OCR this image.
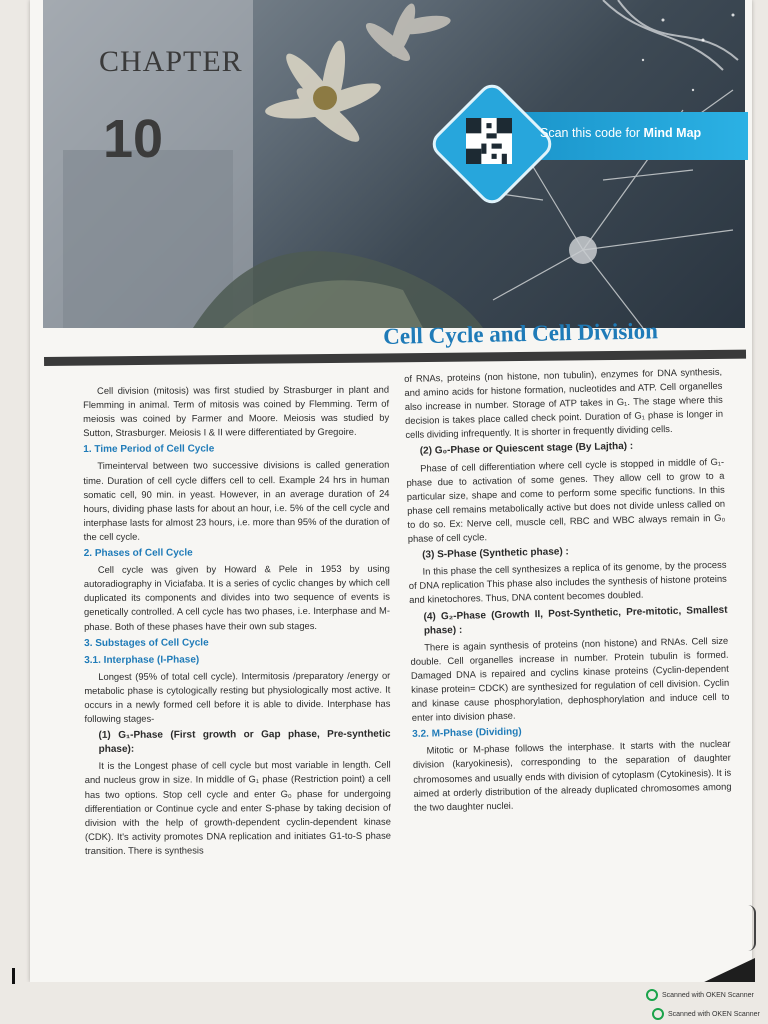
CHAPTER
10	Scan this code for Mind Map
Cell Cycle and Cell Division

Cell division (mitosis) was first studied by Strasburger in plant and Flemming in animal. Term of mitosis was coined by Flemming. Term of meiosis was coined by Farmer and Moore. Meiosis was studied by Sutton, Strasburger. Meiosis I & II were differentiated by Gregoire.

1. Time Period of Cell Cycle

Timeinterval between two successive divisions is called generation time. Duration of cell cycle differs cell to cell. Example 24 hrs in human somatic cell, 90 min. in yeast. However, in an average duration of 24 hours, dividing phase lasts for about an hour, i.e. 5% of the cell cycle and interphase lasts for almost 23 hours, i.e. more than 95% of the duration of the cell cycle.

2. Phases of Cell Cycle

Cell cycle was given by Howard & Pele in 1953 by using autoradiography in Viciafaba. It is a series of cyclic changes by which cell duplicated its components and divides into two sequence of events is genetically controlled. A cell cycle has two phases, i.e. Interphase and M-phase. Both of these phases have their own sub stages.

3. Substages of Cell Cycle
3.1. Interphase (I-Phase)

Longest (95% of total cell cycle). Intermitosis /preparatory /energy or metabolic phase is cytologically resting but physiologically most active. It occurs in a newly formed cell before it is able to divide. Interphase has following stages-

(1) G₁-Phase (First growth or Gap phase, Pre-synthetic phase):

It is the Longest phase of cell cycle but most variable in length. Cell and nucleus grow in size. In middle of G₁ phase (Restriction point) a cell has two options. Stop cell cycle and enter G₀ phase for undergoing differentiation or Continue cycle and enter S-phase by taking decision of division with the help of growth-dependent cyclin-dependent kinase (CDK). It's activity promotes DNA replication and initiates G1-to-S phase transition. There is synthesis

of RNAs, proteins (non histone, non tubulin), enzymes for DNA synthesis, and amino acids for histone formation, nucleotides and ATP. Cell organelles also increase in number. Storage of ATP takes in G₁. The stage where this decision is takes place called check point. Duration of G₁ phase is longer in cells dividing infrequently. It is shorter in frequently dividing cells.

(2) G₀-Phase or Quiescent stage (By Lajtha) :

Phase of cell differentiation where cell cycle is stopped in middle of G₁-phase due to activation of some genes. They allow cell to grow to a particular size, shape and come to perform some specific functions. In this phase cell remains metabolically active but does not divide unless called on to do so. Ex: Nerve cell, muscle cell, RBC and WBC always remain in G₀ phase of cell cycle.

(3) S-Phase (Synthetic phase) :

In this phase the cell synthesizes a replica of its genome, by the process of DNA replication This phase also includes the synthesis of histone proteins and kinetochores. Thus, DNA content becomes doubled.

(4) G₂-Phase (Growth II, Post-Synthetic, Pre-mitotic, Smallest phase) :

There is again synthesis of proteins (non histone) and RNAs. Cell size double. Cell organelles increase in number. Protein tubulin is formed. Damaged DNA is repaired and cyclins kinase proteins (Cyclin-dependent kinase protein= CDCK) are synthesized for regulation of cell division. Cyclin and kinase cause phosphorylation, dephosphorylation and induce cell to enter into division phase.

3.2. M-Phase (Dividing)

Mitotic or M-phase follows the interphase. It starts with the nuclear division (karyokinesis), corresponding to the separation of daughter chromosomes and usually ends with division of cytoplasm (Cytokinesis). It is aimed at orderly distribution of the already duplicated chromosomes among the two daughter nuclei.

Scanned with OKEN Scanner
Scanned with OKEN Scanner
